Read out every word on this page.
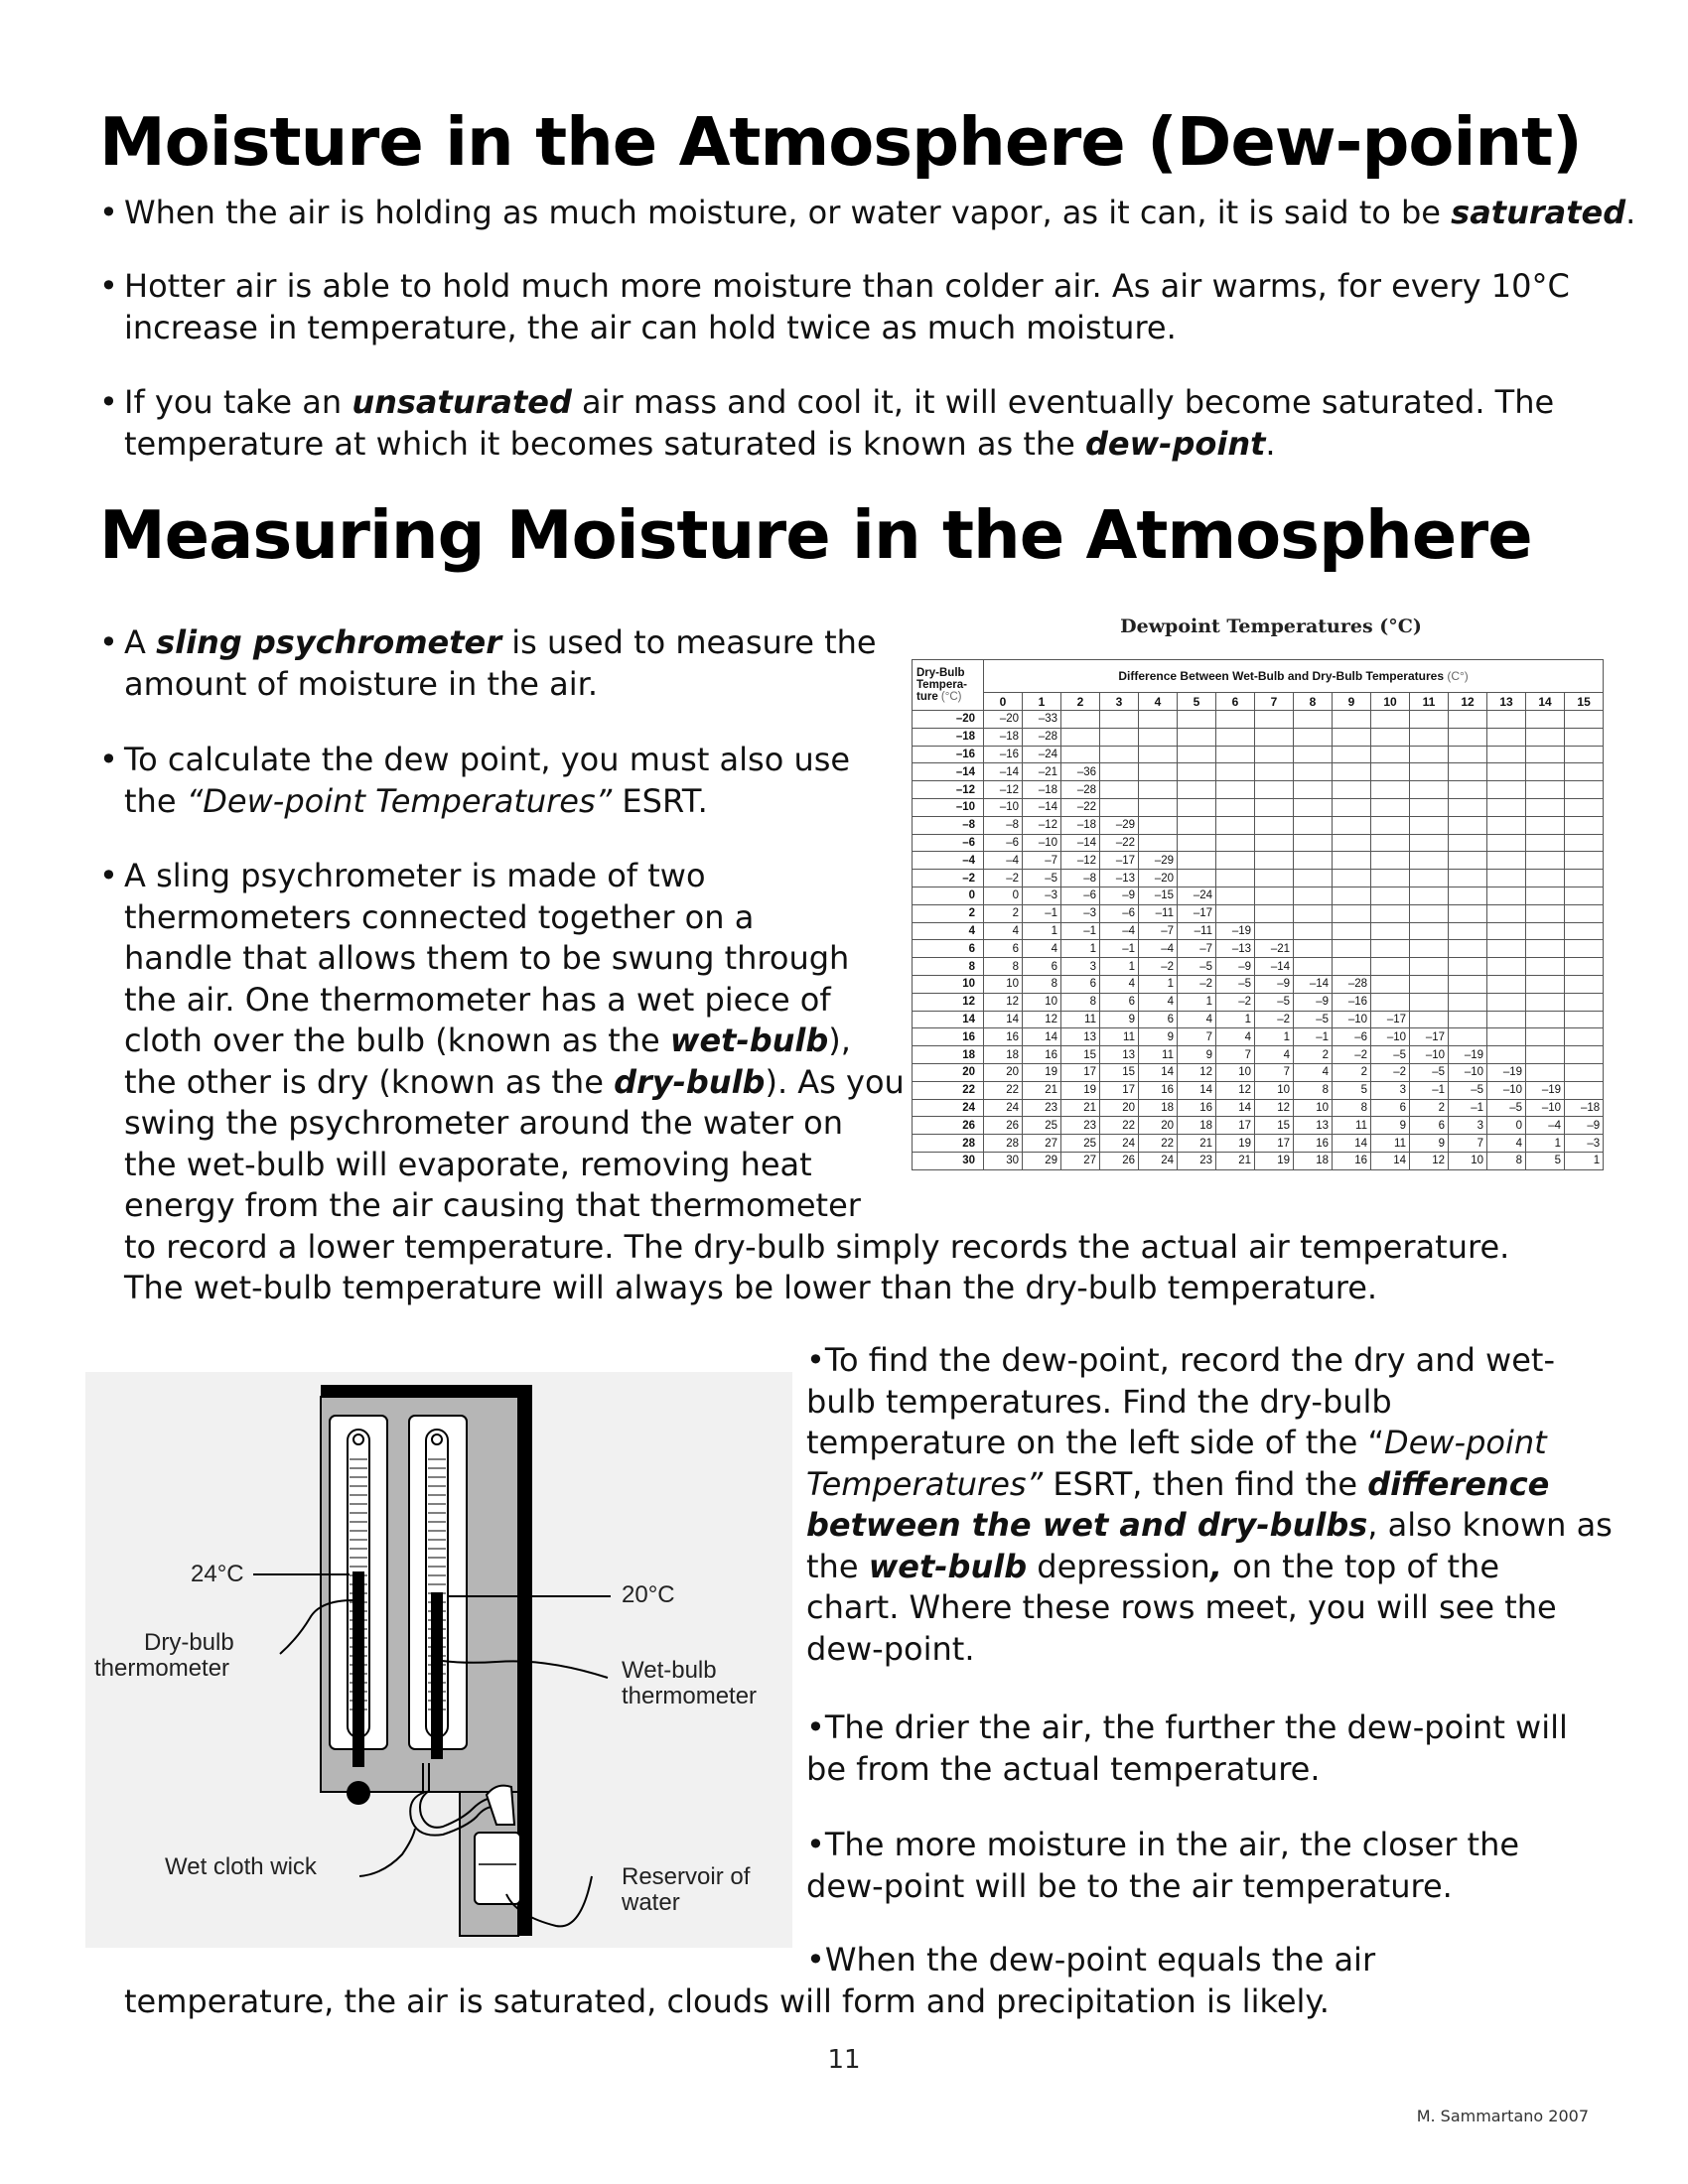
Moisture in the Atmosphere (Dew-point)
• When the air is holding as much moisture, or water vapor, as it can, it is said to be saturated.
• Hotter air is able to hold much more moisture than colder air. As air warms, for every 10°C
increase in temperature, the air can hold twice as much moisture.
• If you take an unsaturated air mass and cool it, it will eventually become saturated. The
temperature at which it becomes saturated is known as the dew-point.
Measuring Moisture in the Atmosphere
• A sling psychrometer is used to measure the
amount of moisture in the air.
• To calculate the dew point, you must also use
the “Dew-point Temperatures” ESRT.
• A sling psychrometer is made of two
thermometers connected together on a
handle that allows them to be swung through
the air. One thermometer has a wet piece of
cloth over the bulb (known as the wet-bulb),
the other is dry (known as the dry-bulb). As you
swing the psychrometer around the water on
the wet-bulb will evaporate, removing heat
energy from the air causing that thermometer
to record a lower temperature. The dry-bulb simply records the actual air temperature.
The wet-bulb temperature will always be lower than the dry-bulb temperature.
Dewpoint Temperatures (°C)
Dry-Bulb
Tempera-
ture (°C)	Difference Between Wet-Bulb and Dry-Bulb Temperatures (C°)															
	0	1	2	3	4	5	6	7	8	9	10	11	12	13	14	15
–20	–20	–33														
–18	–18	–28														
–16	–16	–24														
–14	–14	–21	–36													
–12	–12	–18	–28													
–10	–10	–14	–22													
–8	–8	–12	–18	–29												
–6	–6	–10	–14	–22												
–4	–4	–7	–12	–17	–29											
–2	–2	–5	–8	–13	–20											
0	0	–3	–6	–9	–15	–24										
2	2	–1	–3	–6	–11	–17										
4	4	1	–1	–4	–7	–11	–19									
6	6	4	1	–1	–4	–7	–13	–21								
8	8	6	3	1	–2	–5	–9	–14								
10	10	8	6	4	1	–2	–5	–9	–14	–28						
12	12	10	8	6	4	1	–2	–5	–9	–16						
14	14	12	11	9	6	4	1	–2	–5	–10	–17					
16	16	14	13	11	9	7	4	1	–1	–6	–10	–17				
18	18	16	15	13	11	9	7	4	2	–2	–5	–10	–19			
20	20	19	17	15	14	12	10	7	4	2	–2	–5	–10	–19		
22	22	21	19	17	16	14	12	10	8	5	3	–1	–5	–10	–19	
24	24	23	21	20	18	16	14	12	10	8	6	2	–1	–5	–10	–18
26	26	25	23	22	20	18	17	15	13	11	9	6	3	0	–4	–9
28	28	27	25	24	22	21	19	17	16	14	11	9	7	4	1	–3
30	30	29	27	26	24	23	21	19	18	16	14	12	10	8	5	1
24°C
20°C
Dry-bulb
thermometer	Wet-bulb
thermometer
Wet cloth wick	Reservoir of
water
•To find the dew-point, record the dry and wet-
bulb temperatures. Find the dry-bulb
temperature on the left side of the “Dew-point
Temperatures” ESRT, then find the difference
between the wet and dry-bulbs, also known as
the wet-bulb depression, on the top of the
chart. Where these rows meet, you will see the
dew-point.
•The drier the air, the further the dew-point will
be from the actual temperature.
•The more moisture in the air, the closer the
dew-point will be to the air temperature.
•When the dew-point equals the air
temperature, the air is saturated, clouds will form and precipitation is likely.
11
M. Sammartano 2007
